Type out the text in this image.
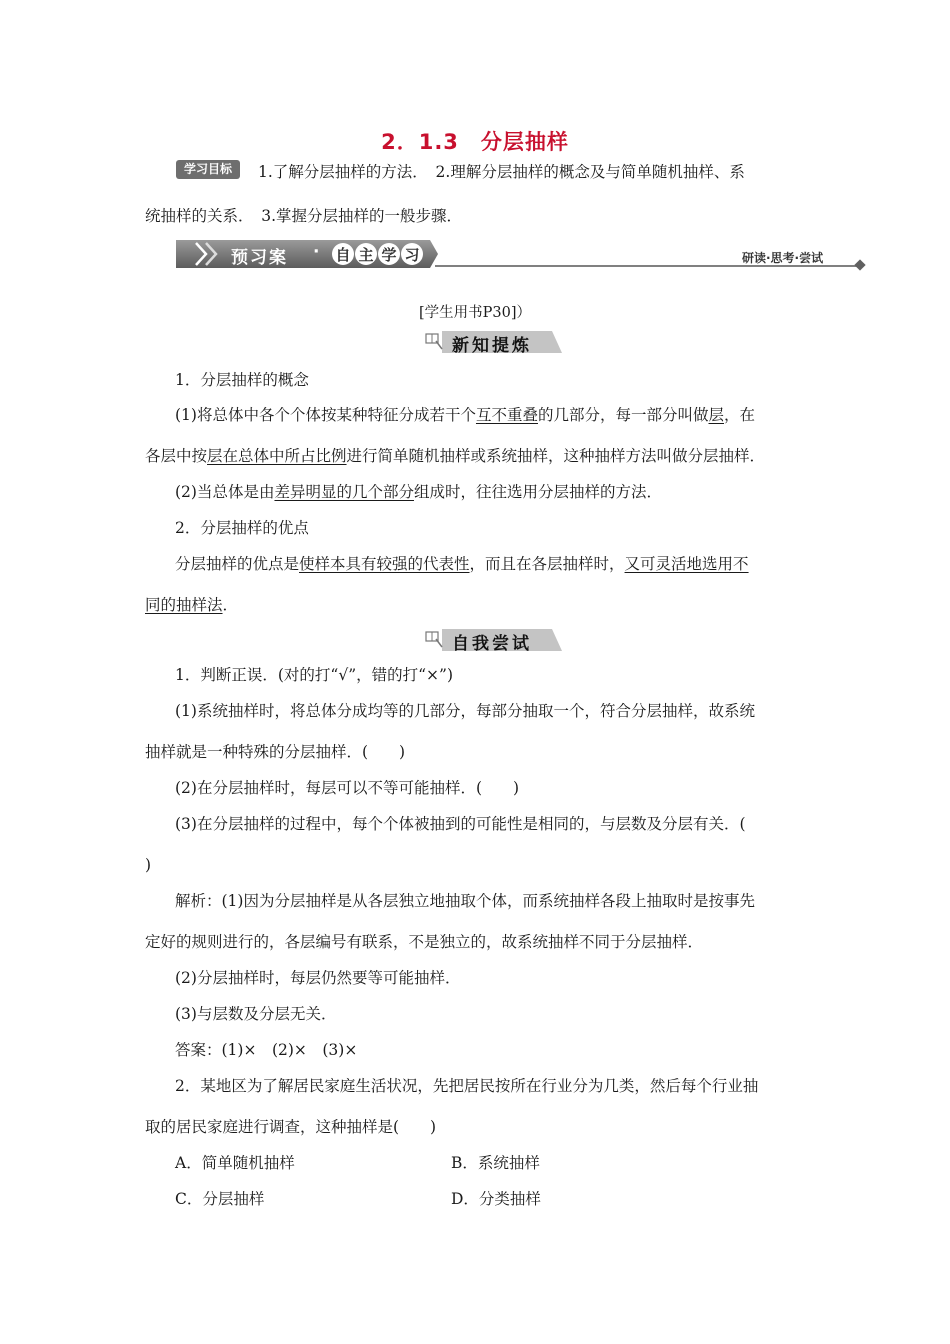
2．1.3　分层抽样
学习目标	1.了解分层抽样的方法．　2.理解分层抽样的概念及与简单随机抽样、系
统抽样的关系．　3.掌握分层抽样的一般步骤．
预习案 · 自 主 学 习	研读·思考·尝试
[学生用书P30]）
新知提炼
1．分层抽样的概念
(1)将总体中各个个体按某种特征分成若干个互不重叠的几部分，每一部分叫做层，在
各层中按层在总体中所占比例进行简单随机抽样或系统抽样，这种抽样方法叫做分层抽样．
(2)当总体是由差异明显的几个部分组成时，往往选用分层抽样的方法．
2．分层抽样的优点
分层抽样的优点是使样本具有较强的代表性，而且在各层抽样时，又可灵活地选用不
同的抽样法．
自我尝试
1．判断正误．(对的打“√”，错的打“×”)
(1)系统抽样时，将总体分成均等的几部分，每部分抽取一个，符合分层抽样，故系统
抽样就是一种特殊的分层抽样．(　　)
(2)在分层抽样时，每层可以不等可能抽样．(　　)
(3)在分层抽样的过程中，每个个体被抽到的可能性是相同的，与层数及分层有关．(
)
解析：(1)因为分层抽样是从各层独立地抽取个体，而系统抽样各段上抽取时是按事先
定好的规则进行的，各层编号有联系，不是独立的，故系统抽样不同于分层抽样．
(2)分层抽样时，每层仍然要等可能抽样．
(3)与层数及分层无关．
答案：(1)×　(2)×　(3)×
2．某地区为了解居民家庭生活状况，先把居民按所在行业分为几类，然后每个行业抽
取的居民家庭进行调查，这种抽样是(　　)
A．简单随机抽样	B．系统抽样
C．分层抽样	D．分类抽样
